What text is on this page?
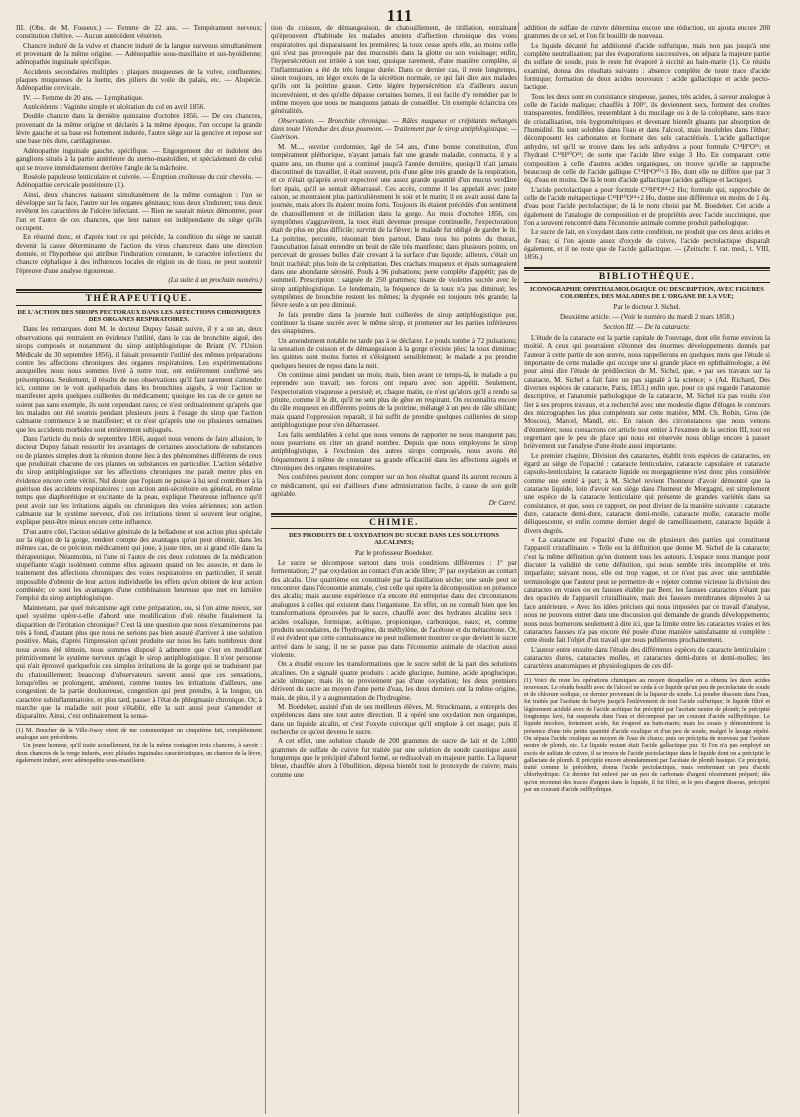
111

III. (Obs. de M. Fosseux.) — Femme de 22 ans. — Tempérament nerveux; constitution chétive. — Aucun antécédent vénérien.

Chancre induré de la vulve et chancre induré de la langue survenus simultanément et provenant de la même origine. — Adénopathie sous-maxillaire et sus-hyoïdienne; adénopathie inguinale spécifique.

Accidents secondaires multiples : plaques muqueuses de la vulve, confluentes; plaques muqueuses de la luette, des piliers du voile du palais, etc. — Alopécie. Adénopathie cervicale.

IV. — Femme de 20 ans. — Lymphatique.

Antécédents : Vaginite simple et ulcération du col en avril 1856.

Double chancre dans la dernière quinzaine d'octobre 1856. — De ces chancres, provenant de la même origine et déclarés à la même époque, l'un occupe la grande lèvre gauche et sa base est fortement indurée, l'autre siège sur la gencive et repose sur une base très dure, cartilagineuse.

Adénopathie inguinale gauche, spécifique. — Engorgement dur et indolent des ganglions situés à la partie antérieure du sterno-mastoïdien, et spécialement de celui qui se trouve immédiatement derrière l'angle de la mâchoire.

Roséole papuleuse lenticulaire et cuivrée. — Éruption croûteuse du cuir chevelu. — Adénopathie cervicale postérieure (1).

Ainsi, deux chancres naissent simultanément de la même contagion : l'un se développe sur la face, l'autre sur les organes génitaux; tous deux s'indurent; tous deux revêtent les caractères de l'ulcère infectant. — Rien ne saurait mieux démontrer, pour l'un et l'autre de ces chancres, que leur nature est indépendante du siège qu'ils occupent.

En résumé donc, et d'après tout ce qui précède, la condition du siège ne saurait devenir la cause déterminante de l'action du virus chancreux dans une direction donnée, et l'hypothèse qui attribue l'induration constante, le caractère infectieux du chancre céphalique à des influences locales de région ou de tissu, ne peut soutenir l'épreuve d'une analyse rigoureuse.

(La suite à un prochain numéro.)
THÉRAPEUTIQUE.
DE L'ACTION DES SIROPS PECTORAUX DANS LES AFFECTIONS CHRONIQUES DES ORGANES RESPIRATOIRES.

Dans les remarques dont M. le docteur Dupuy faisait suivre, il y a un an, deux observations qui rentraient en évidence l'utilité, dans le cas de bronchite aiguë, des sirops composés et notamment du sirop antiphlogistique de Briant (V. l'Union Médicale du 30 septembre 1856), il faisait pressentir l'utilité des mêmes préparations contre les affections chroniques des organes respiratoires. Les expérimentations auxquelles nous nous sommes livré à notre tour, ont entièrement confirmé ses présomptions. Seulement, il résulte de nos observations qu'il faut rarement s'attendre ici, comme on le voit quelquefois dans les bronchites aiguës, à voir l'action se manifester après quelques cuillerées du médicament; quoique les cas de ce genre ne soient pas sans exemple, ils sont cependant rares; ce n'est ordinairement qu'après que les malades ont été soumis pendant plusieurs jours à l'usage du sirop que l'action calmante commence à se manifester; et ce n'est qu'après une ou plusieurs semaines que les accidents morbides sont entièrement subjugués.

Dans l'article du mois de septembre 1856, auquel nous venons de faire allusion, le docteur Dupuy faisait ressortir les avantages de certaines associations de substances ou de plantes simples dont la réunion donne lieu à des phénomènes différents de ceux que produirait chacune de ces plantes ou substances en particulier. L'action sédative du sirop antiphlogistique sur les affections chroniques me paraît mettre plus en évidence encore cette vérité. Nul doute que l'opium ne puisse à lui seul contribuer à la guérison des accidents respiratoires : son action anti-sécrétoire en général, en même temps que diaphorétique et excitante de la peau, explique l'heureuse influence qu'il peut avoir sur les irritations aiguës ou chroniques des voies aériennes; son action calmante sur le système nerveux, d'où ces irritations tirent si souvent leur origine, explique peut-être mieux encore cette influence.

D'un autre côté, l'action sédative générale de la belladone et son action plus spéciale sur la région de la gorge, rendent compte des avantages qu'on peut obtenir, dans les mêmes cas, de ce précieux médicament qui joue, à juste titre, un si grand rôle dans la thérapeutique. Néanmoins, ni l'une ni l'autre de ces deux colonnes de la médication stupéfiante n'agit isolément comme elles agissent quand on les associe, et dans le traitement des affections chroniques des voies respiratoires en particulier, il serait impossible d'obtenir de leur action individuelle les effets qu'on obtient de leur action combinée; ce sont les avantages d'une combinaison heureuse que met en lumière l'emploi du sirop antiphlogistique.

Maintenant, par quel mécanisme agit cette préparation, ou, si l'on aime mieux, sur quel système opère-t-elle d'abord une modification d'où résulte finalement la disparition de l'irritation chronique? C'est là une question que nous n'examinerons pas très à fond, d'autant plus que nous ne serions pas bien assuré d'arriver à une solution positive. Mais, d'après l'impression qu'ont produite sur nous les faits nombreux dont nous avons été témoin, nous sommes disposé à admettre que c'est en modifiant primitivement le système nerveux qu'agit le sirop antiphlogistique. Il n'est personne qui n'ait éprouvé quelquefois ces simples irritations de la gorge qui se traduisent par du chatouillement; beaucoup d'observateurs savent aussi que ces sensations, lorsqu'elles se prolongent, amènent, comme toutes les irritations d'ailleurs, une congestion de la partie douloureuse, congestion qui peut prendre, à la longue, un caractère subinflammatoire, et plus tard, passer à l'état de phlegmasie chronique. Or, à marche que la maladie suit pour s'établir, elle la suit aussi pour s'amender et disparaître. Ainsi, c'est ordinairement la sensa-

(1) M. Boucher de la Ville-Jossy vient de me communiquer un cinquième fait, complètement analogue aux précédents.

Un jeune homme, qu'il traite actuellement, fut de la même contagion trois chancres, à savoir : deux chancres de la verge indurés, avec pléiades inguinales caractéristiques, un chancre de la lèvre, également induré, avec adénopathie sous-maxillaire.

tion du cuisson, de démangeaison, de chatouillement, de titillation, entraînant qu'éprouvent d'habitude les malades atteints d'affection chronique des voies respiratoires qui disparaissent les premières; la toux cesse après elle, au moins celle qui n'est pas provoquée par des mucosités dans la glotte ou son voisinage; enfin, l'hypersécrétion est irritée à son tour, quoique rarement, d'une manière complète, si l'inflammation a été de très longue durée. Dans ce dernier cas, il reste longtemps, sinon toujours, un léger excès de la sécrétion normale, ce qui fait dire aux malades qu'ils ont la poitrine grasse. Cette légère hypersécrétion n'a d'ailleurs aucun inconvénient, et des qu'elle dépasse certaines bornes, il est facile d'y remédier par le même moyen que nous ne manquons jamais de conseiller. Un exemple éclaircira ces généralités.

Observation. — Bronchite chronique. — Râles muqueux et crépitants mélangés dans toute l'étendue des deux poumons. — Traitement par le sirop antiphlogistique. — Guérison.

M. M..., ouvrier cordonnier, âgé de 54 ans, d'une bonne constitution, d'un tempérament pléthorique, n'ayant jamais fait une grande maladie, contracta, il y a quatre ans, un rhume qui a continué jusqu'à l'année dernière, quoiqu'il n'ait jamais discontinué de travailler, il était souvent, pris d'une gêne très grande de la respiration, et ce n'était qu'après avoir expectoré une assez grande quantité d'un mucus verdâtre fort épais, qu'il se sentait débarrassé. Ces accès, comme il les appelait avec juste raison, se montraient plus particulièrement le soir et le matin; il en avait aussi dans la journée, mais alors ils étaient moins forts. Toujours ils étaient précédés d'un sentiment de chatouillement et de titillation dans la gorge. Au mois d'octobre 1856, ces symptômes s'aggravèrent, la toux était devenue presque continuelle, l'expectoration était de plus en plus difficile; survint de la fièvre; le malade fut obligé de garder le lit. La poitrine, percutée, résonnait bien partout. Dans tous les points du thorax, l'auscultation faisait entendre un bruit de râle très manifeste; dans plusieurs points, on percevait de grosses bulles d'air crevant à la surface d'un liquide; ailleurs, c'était un bruit trachéal; plus loin de la crépitation. Des crachats muqueux et épais surnageaient dans une abondante sérosité. Pouls à 96 pulsations; perte complète d'appétit; pas de sommeil. Prescription : saignée de 250 grammes; tisane de violettes sucrée avec le sirop antiphlogistique. Le lendemain, la fréquence de la toux n'a pas diminué; les symptômes de bronchite restent les mêmes; la dyspnée est toujours très grande; la fièvre seule a un peu diminué.

Je fais prendre dans la journée huit cuillerées de sirop antiphlogistique pur, continuer la tisane sucrée avec le même sirop, et promener sur les parties inférieures des sinapismes.

Un amendement notable ne tarde pas à se déclarer. Le pouls tombe à 72 pulsations; la sensation de cuisson et de démangeaison à la gorge n'existe plus; la toux diminue; les quintes sont moins fortes et s'éloignent sensiblement; le malade a pu prendre quelques heures de repos dans la nuit.

On continue ainsi pendant un mois; mais, bien avant ce temps-là, le malade a pu reprendre son travail; ses forces ont reparu avec son appétit. Seulement, l'expectoration visqueuse a persisté; et, chaque matin, ce n'est qu'alors qu'il a rendu sa pituite, comme il le dit, qu'il ne sent plus de gêne en respirant. On reconnaîtra encore du râle muqueux en différents points de la poitrine, mélangé à un peu de râle sibilant; mais quand l'oppression reparaît, il lui suffit de prendre quelques cuillerées de sirop antiphlogistique pour s'en débarrasser.

Les faits semblables à celui que nous venons de rapporter ne nous manquent pas; nous pourrions en citer un grand nombre. Depuis que nous employons le sirop antiphlogistique, à l'exclusion des autres sirops composés, nous avons été fréquemment à même de constater sa grande efficacité dans les affections aiguës et chroniques des organes respiratoires.

Nos confrères peuvent donc compter sur un bon résultat quand ils auront recours à ce médicament, qui est d'ailleurs d'une administration facile, à cause de son goût agréable.

Dr Carré.
CHIMIE.
DES PRODUITS DE L'OXYDATION DU SUCRE DANS LES SOLUTIONS ALCALINES;
Par le professeur Boedeker.

Le sucre se décompose surtout dans trois conditions différentes : 1° par fermentation; 2° par oxydation au contact d'un acide libre; 3° par oxydation au contact des alcalis. Une quatrième est constituée par la distillation sèche; une seule peut se rencontrer dans l'économie animale, c'est celle qui opère la décomposition en présence des alcalis; mais aucune expérience n'a encore été entreprise dans des circonstances analogues à celles qui existent dans l'organisme. En effet, on ne connaît bien que les transformations éprouvées par le sucre, chauffé avec des hydrates alcalins secs : acides oxalique, formique, acétique, propionique, carbonique, eaux; et, comme produits secondaires, de l'hydrogène, du méthylène, de l'acétone et du métacétone. Or, il est évident que cette connaissance ne peut nullement montrer ce que devient le sucre arrivé dans le sang; il ne se passe pas dans l'économie animale de réaction aussi violente.

On a étudié encore les transformations que le sucre subit de la part des solutions alcalines. On a signalé quatre produits : acide glucique, humine, acide apoglucique, acide ulmique; mais ils ne proviennent pas d'une oxydation; les deux premiers dérivent du sucre au moyen d'une perte d'eau, les deux derniers ont la même origine, mais, de plus, il y a augmentation de l'hydrogène.

M. Boedeker, assisté d'un de ses meilleurs élèves, M. Struckmann, a entrepris des expériences dans une tout autre direction. Il a opéré une oxydation non organique, dans un liquide alcalin, et c'est l'oxyde cuivrique qu'il emploie à cet usage; puis il recherche ce qu'est devenu le sucre.

A cet effet, une solution chaude de 200 grammes de sucre de lait et de 1,000 grammes de sulfate de cuivre fut traitée par une solution de soude caustique aussi longtemps que le précipité d'abord formé, se redissolvait en majeure partie. La liqueur bleue, chauffée alors à l'ébullition, déposa bientôt tout le protoxyde de cuivre; mais comme une

addition de sulfate de cuivre détermina encore une réduction, on ajouta encore 200 grammes de ce sel, et l'on fit bouillir de nouveau.

Le liquide décanté fut additionné d'acide sulfurique, mais non pas jusqu'à une complète neutralisation; par des évaporations successives, on sépara la majeure partie du sulfate de soude, puis le reste fut évaporé à siccité au bain-marie (1). Ce résidu examiné, donna des résultats suivants : absence complète de toute trace d'acide formique; formation de deux acides nouveaux : acide gallactique et acide pecto-lactique.

Tous les deux sont en consistance sirupeuse, jaunes, très acides, à saveur analogue à celle de l'acide malique; chauffés à 100°, ils deviennent secs, forment des croûtes transparentes, fendillées, ressemblant à du mucilage ou à de la colophane, sans trace de cristallisation, très hygrométriques et devenant bientôt gluants par absorption de l'humidité. Ils sont solubles dans l'eau et dans l'alcool, mais insolubles dans l'éther; décomposent les carbonates et forment des sels caractérisés. L'acide gallactique anhydre, tel qu'il se trouve dans les sels anhydres a pour formule C¹⁴H⁹O¹¹; et l'hydraté C¹⁴H¹⁰O¹²; de sorte que l'acide libre exige 3 Ho. En comparant cette composition à celle d'autres acides organiques, on trouve qu'elle se rapproche beaucoup de celle de l'acide gallique C¹⁴H⁶O¹⁰+3 Ho, dont elle ne diffère que par 3 éq. d'eau en moins. De là le nom d'acide gallactique (acides gallique et lactique).

L'acide pectolactique a pour formule C¹²H⁹O¹⁴+2 Ho; formule qui, rapprochée de celle de l'acide métapectique C¹²H¹⁰O¹⁴+2 Ho, donne une différence en moins de 1 éq. d'eau pour l'acide pectolactique; de là le nom choisi par M. Boedeker. Cet acide a également de l'analogie de composition et de propriétés avec l'acide succinique, que l'on a souvent rencontré dans l'économie animale comme produit pathologique.

Le sucre de lait, en s'oxydant dans cette condition, ne produit que ces deux acides et de l'eau; si l'on ajoute assez d'oxyde de cuivre, l'acide pectolactique disparaît également, et il ne reste que de l'acide gallactique. — (Zeitschr. f. rat. med., t. VIII, 1856.)

BIBLIOTHÈQUE.
ICONOGRAPHIE OPHTHALMOLOGIQUE OU DESCRIPTION, AVEC FIGURES COLORIÉES, DES MALADIES DE L'ORGANE DE LA VUE;
Par le docteur J. Sichel.
Deuxième article. — (Voir le numéro du mardi 2 mars 1858.)
Section III. — De la cataracte.

L'étude de la cataracte est la partie capitale de l'ouvrage, dont elle forme environ la moitié. A ceux qui pourraient s'étonner des énormes développements donnés par l'auteur à cette partie de son œuvre, nous rappellerons en quelques mots que l'étude si importante de cette maladie qui occupe une si grande place en ophthalmologie, a été pour ainsi dire l'étude de prédilection de M. Sichel, que, « par ses travaux sur la cataracte, M. Sichel a fait faire un pas signalé à la science; » (Ad. Richard, Des diverses espèces de cataracte, Paris, 1853.) enfin que, pour ce qui regarde l'anatomie descriptive, et l'anatomie pathologique de la cataracte, M. Sichel n'a pas voulu s'en fier à ses propres travaux, et a recherché avec une modestie digne d'éloges le concours des micrographes les plus compétents sur cette matière, MM. Ch. Robin, Gros (de Moscou), Marcel, Mandl, etc. En raison des circonstances que nous venons d'énumérer, nous consacrons cet article tout entier à l'examen de la section III, tout en regrettant que le peu de place qui nous est réservée nous oblige encore à passer brièvement sur l'analyse d'une étude aussi importante.

Le premier chapitre, Division des cataractes, établit trois espèces de cataractes, en égard au siège de l'opacité : cataracte lenticulaire, cataracte capsulaire et cataracte capsulo-lenticulaire; la cataracte liquide ou morgagnienne n'est donc plus considérée comme une entité à part; à M. Sichel revient l'honneur d'avoir démontré que la cataracte liquide, loin d'avoir son siège dans l'humeur de Morgagni, est simplement une espèce de la cataracte lenticulaire qui présente de grandes variétés dans sa consistance, et que, sous ce rapport, on peut diviser de la manière suivante : cataracte dure, cataracte demi-dure, cataracte demi-molle, cataracte molle, cataracte molle déliquescente, et enfin comme dernier degré de ramollissement, cataracte liquide à divers degrés.

« La cataracte est l'opacité d'une ou de plusieurs des parties qui constituent l'appareil cristallinaire. » Telle est la définition que donne M. Sichel de la cataracte; c'est la même définition qu'en donnent tous les auteurs. L'espace nous manque pour discuter la validité de cette définition, qui nous semble très incomplète et très imparfaite; suivant nous, elle est trop vague, et ce n'est pas avec une semblable terminologie que l'auteur peut se permettre de « rejeter comme vicieuse la division des cataractes en vraies ou en fausses établie par Beer, les fausses cataractes n'étant pas des opacités de l'appareil cristallinaire, mais des fausses membranes déposées à sa face antérieure. » Avec les idées précises qui nous imposées par ce travail d'analyse, nous ne pouvons entrer dans une discussion qui demande de grands développements; nous nous bornerons seulement à dire ici, que la limite entre les cataractes vraies et les cataractes fausses n'a pas encore été posée d'une manière satisfaisante ni complète : cette étude fait l'objet d'un travail que nous publierons prochainement.

L'auteur entre ensuite dans l'étude des différentes espèces de cataracte lenticulaire : cataractes dures, cataractes molles, et cataractes demi-dures et demi-molles; les caractères anatomiques et physiologiques de ces dif-

(1) Voici du reste les opérations chimiques au moyen desquelles on a obtenu les deux acides nouveaux. Le résidu bouilli avec de l'alcool ne céda à ce liquide qu'un peu de pectolactate de soude et de chlorure sodique, ce dernier provenant de la liqueur de soude. La poudre dissoute dans l'eau, fut traitée par l'acétate de baryte jusqu'à l'enlèvement de tout l'acide sulfurique; le liquide filtré et légèrement acidulé avec de l'acide acétique fut précipité par l'acétate neutre de plomb; le précipité longtemps lavé, fut suspendu dans l'eau et décomposé par un courant d'acide sulfhydrique. Le liquide incolore, fortement acide, fut évaporé au bain-marie; mais les essais y démontrèrent la présence d'une très petite quantité d'acide oxalique et d'un peu de soude, malgré le lavage répété. On sépara l'acide oxalique au moyen de l'eau de chaux; puis on précipita de nouveau par l'acétate neutre de plomb, etc. Le liquide restant était l'acide gallactique pur. Si l'on n'a pas employé un excès de sulfate de cuivre, il se trouve de l'acide pectolactique dans le liquide dont on a précipité le gallactate de plomb. Il précipite encore abondamment par l'acétate de plomb basique. Ce précipité, traité comme le précédent, donna l'acide pectolactique, mais renfermant un peu d'acide chlorhydrique. Ce dernier fut enlevé par un peu de carbonate d'argent récemment préparé; dès qu'on reconnut des traces d'argent dans le liquide, il fut filtré, et le peu d'argent dissous, précipité par un courant d'acide sulfhydrique.
